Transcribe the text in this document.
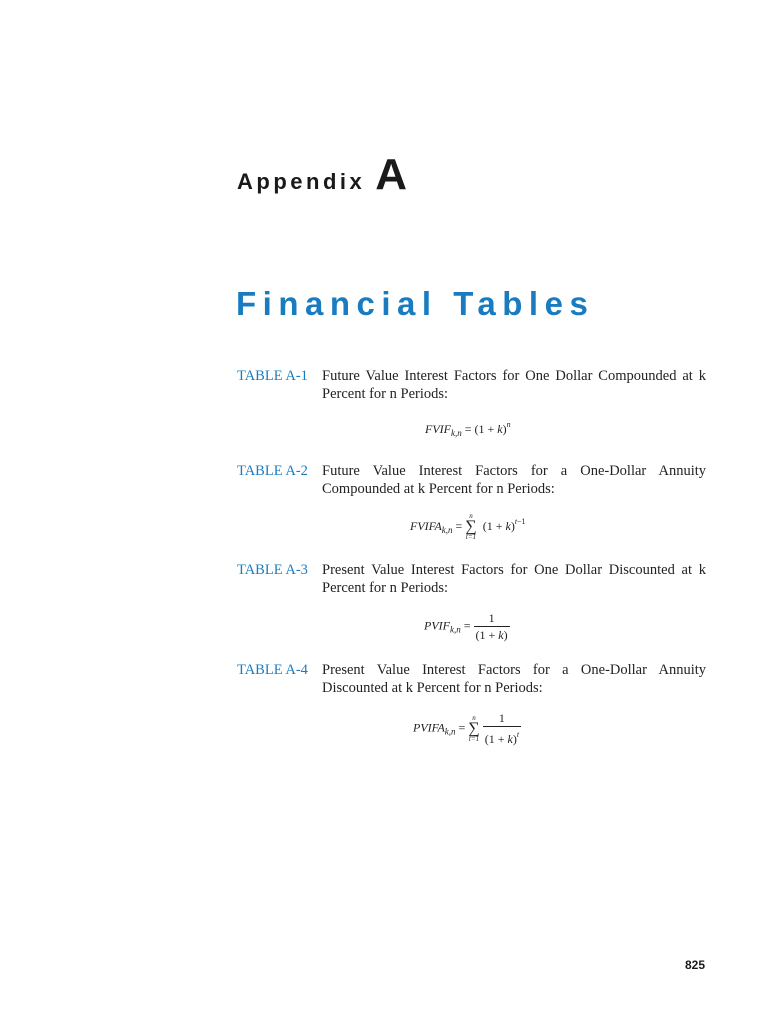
Appendix A
Financial Tables
TABLE A-1 Future Value Interest Factors for One Dollar Compounded at k Percent for n Periods:
$FVIF_{k,n} = (1 + k)^n$
TABLE A-2 Future Value Interest Factors for a One-Dollar Annuity Compounded at k Percent for n Periods:
$FVIFA_{k,n}$ =
n
∑
t=1
$(1 + k)^{t-1}$
TABLE A-3 Present Value Interest Factors for One Dollar Discounted at k Percent for n Periods:
$PVIF_{k,n} = \frac{1}{(1 + k)}$
TABLE A-4 Present Value Interest Factors for a One-Dollar Annuity Discounted at k Percent for n Periods:
$PVIFA_{k,n}$ =
n
∑
$t=1 \frac{1}{(1 + k)^t}$
825
